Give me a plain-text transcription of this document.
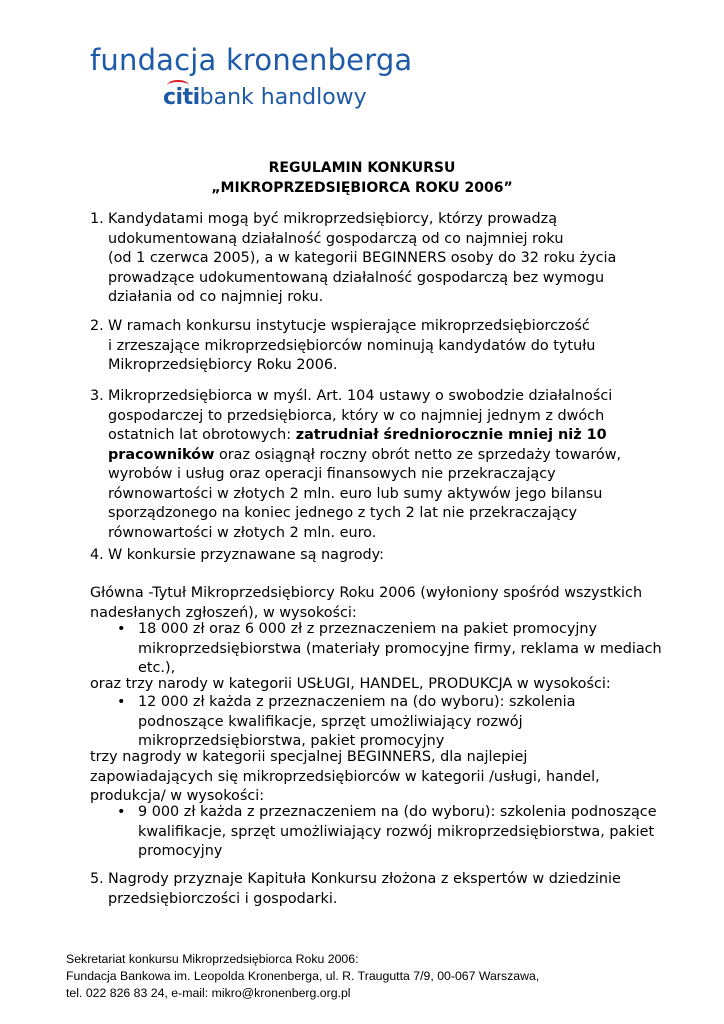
fundacja kronenberga
citibank handlowy
REGULAMIN KONKURSU
„MIKROPRZEDSIĘBIORCA ROKU 2006”
1. Kandydatami mogą być mikroprzedsiębiorcy, którzy prowadzą
udokumentowaną działalność gospodarczą od co najmniej roku
(od 1 czerwca 2005), a w kategorii BEGINNERS osoby do 32 roku życia
prowadzące udokumentowaną działalność gospodarczą bez wymogu
działania od co najmniej roku.
2. W ramach konkursu instytucje wspierające mikroprzedsiębiorczość
i zrzeszające mikroprzedsiębiorców nominują kandydatów do tytułu
Mikroprzedsiębiorcy Roku 2006.
3. Mikroprzedsiębiorca w myśl. Art. 104 ustawy o swobodzie działalności
gospodarczej to przedsiębiorca, który w co najmniej jednym z dwóch
ostatnich lat obrotowych: zatrudniał średniorocznie mniej niż 10
pracowników oraz osiągnął roczny obrót netto ze sprzedaży towarów,
wyrobów i usług oraz operacji finansowych nie przekraczający
równowartości w złotych 2 mln. euro lub sumy aktywów jego bilansu
sporządzonego na koniec jednego z tych 2 lat nie przekraczający
równowartości w złotych 2 mln. euro.
4. W konkursie przyznawane są nagrody:
Główna -Tytuł Mikroprzedsiębiorcy Roku 2006 (wyłoniony spośród wszystkich
nadesłanych zgłoszeń), w wysokości:
• 18 000 zł oraz 6 000 zł z przeznaczeniem na pakiet promocyjny
mikroprzedsiębiorstwa (materiały promocyjne firmy, reklama w mediach
etc.),
oraz trzy narody w kategorii USŁUGI, HANDEL, PRODUKCJA w wysokości:
• 12 000 zł każda z przeznaczeniem na (do wyboru): szkolenia
podnoszące kwalifikacje, sprzęt umożliwiający rozwój
mikroprzedsiębiorstwa, pakiet promocyjny
trzy nagrody w kategorii specjalnej BEGINNERS, dla najlepiej
zapowiadających się mikroprzedsiębiorców w kategorii /usługi, handel,
produkcja/ w wysokości:
• 9 000 zł każda z przeznaczeniem na (do wyboru): szkolenia podnoszące
kwalifikacje, sprzęt umożliwiający rozwój mikroprzedsiębiorstwa, pakiet
promocyjny
5. Nagrody przyznaje Kapituła Konkursu złożona z ekspertów w dziedzinie
przedsiębiorczości i gospodarki.
Sekretariat konkursu Mikroprzedsiębiorca Roku 2006:
Fundacja Bankowa im. Leopolda Kronenberga, ul. R. Traugutta 7/9, 00-067 Warszawa,
tel. 022 826 83 24, e-mail: mikro@kronenberg.org.pl
